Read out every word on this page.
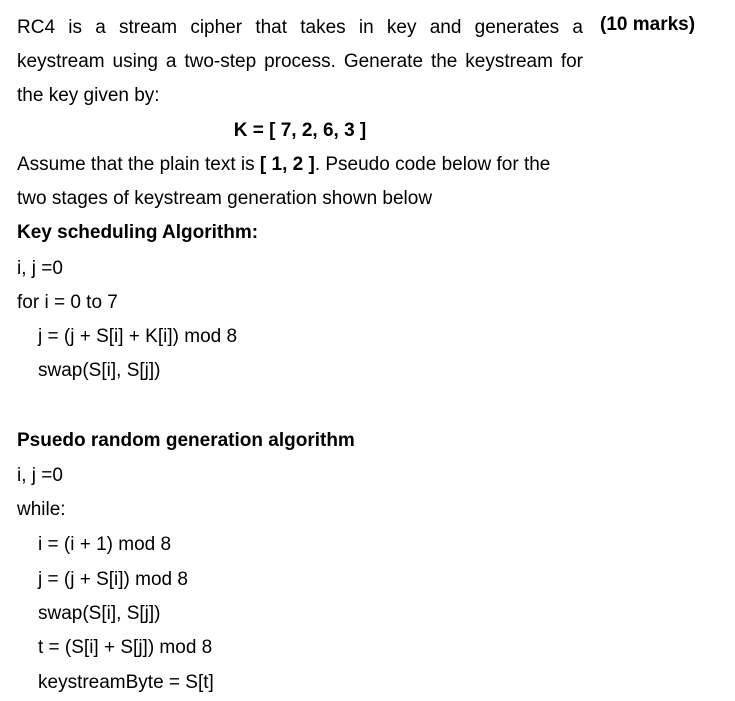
RC4 is a stream cipher that takes in key and generates a keystream using a two-step process. Generate the keystream for the key given by:
(10 marks)
K = [ 7, 2, 6, 3 ]
Assume that the plain text is [ 1, 2 ]. Pseudo code below for the
two stages of keystream generation shown below
Key scheduling Algorithm:
i, j =0
for i = 0 to 7
j = (j + S[i] + K[i]) mod 8
swap(S[i], S[j])
Psuedo random generation algorithm
i, j =0
while:
i = (i + 1) mod 8
j = (j + S[i]) mod 8
swap(S[i], S[j])
t = (S[i] + S[j]) mod 8
keystreamByte = S[t]
